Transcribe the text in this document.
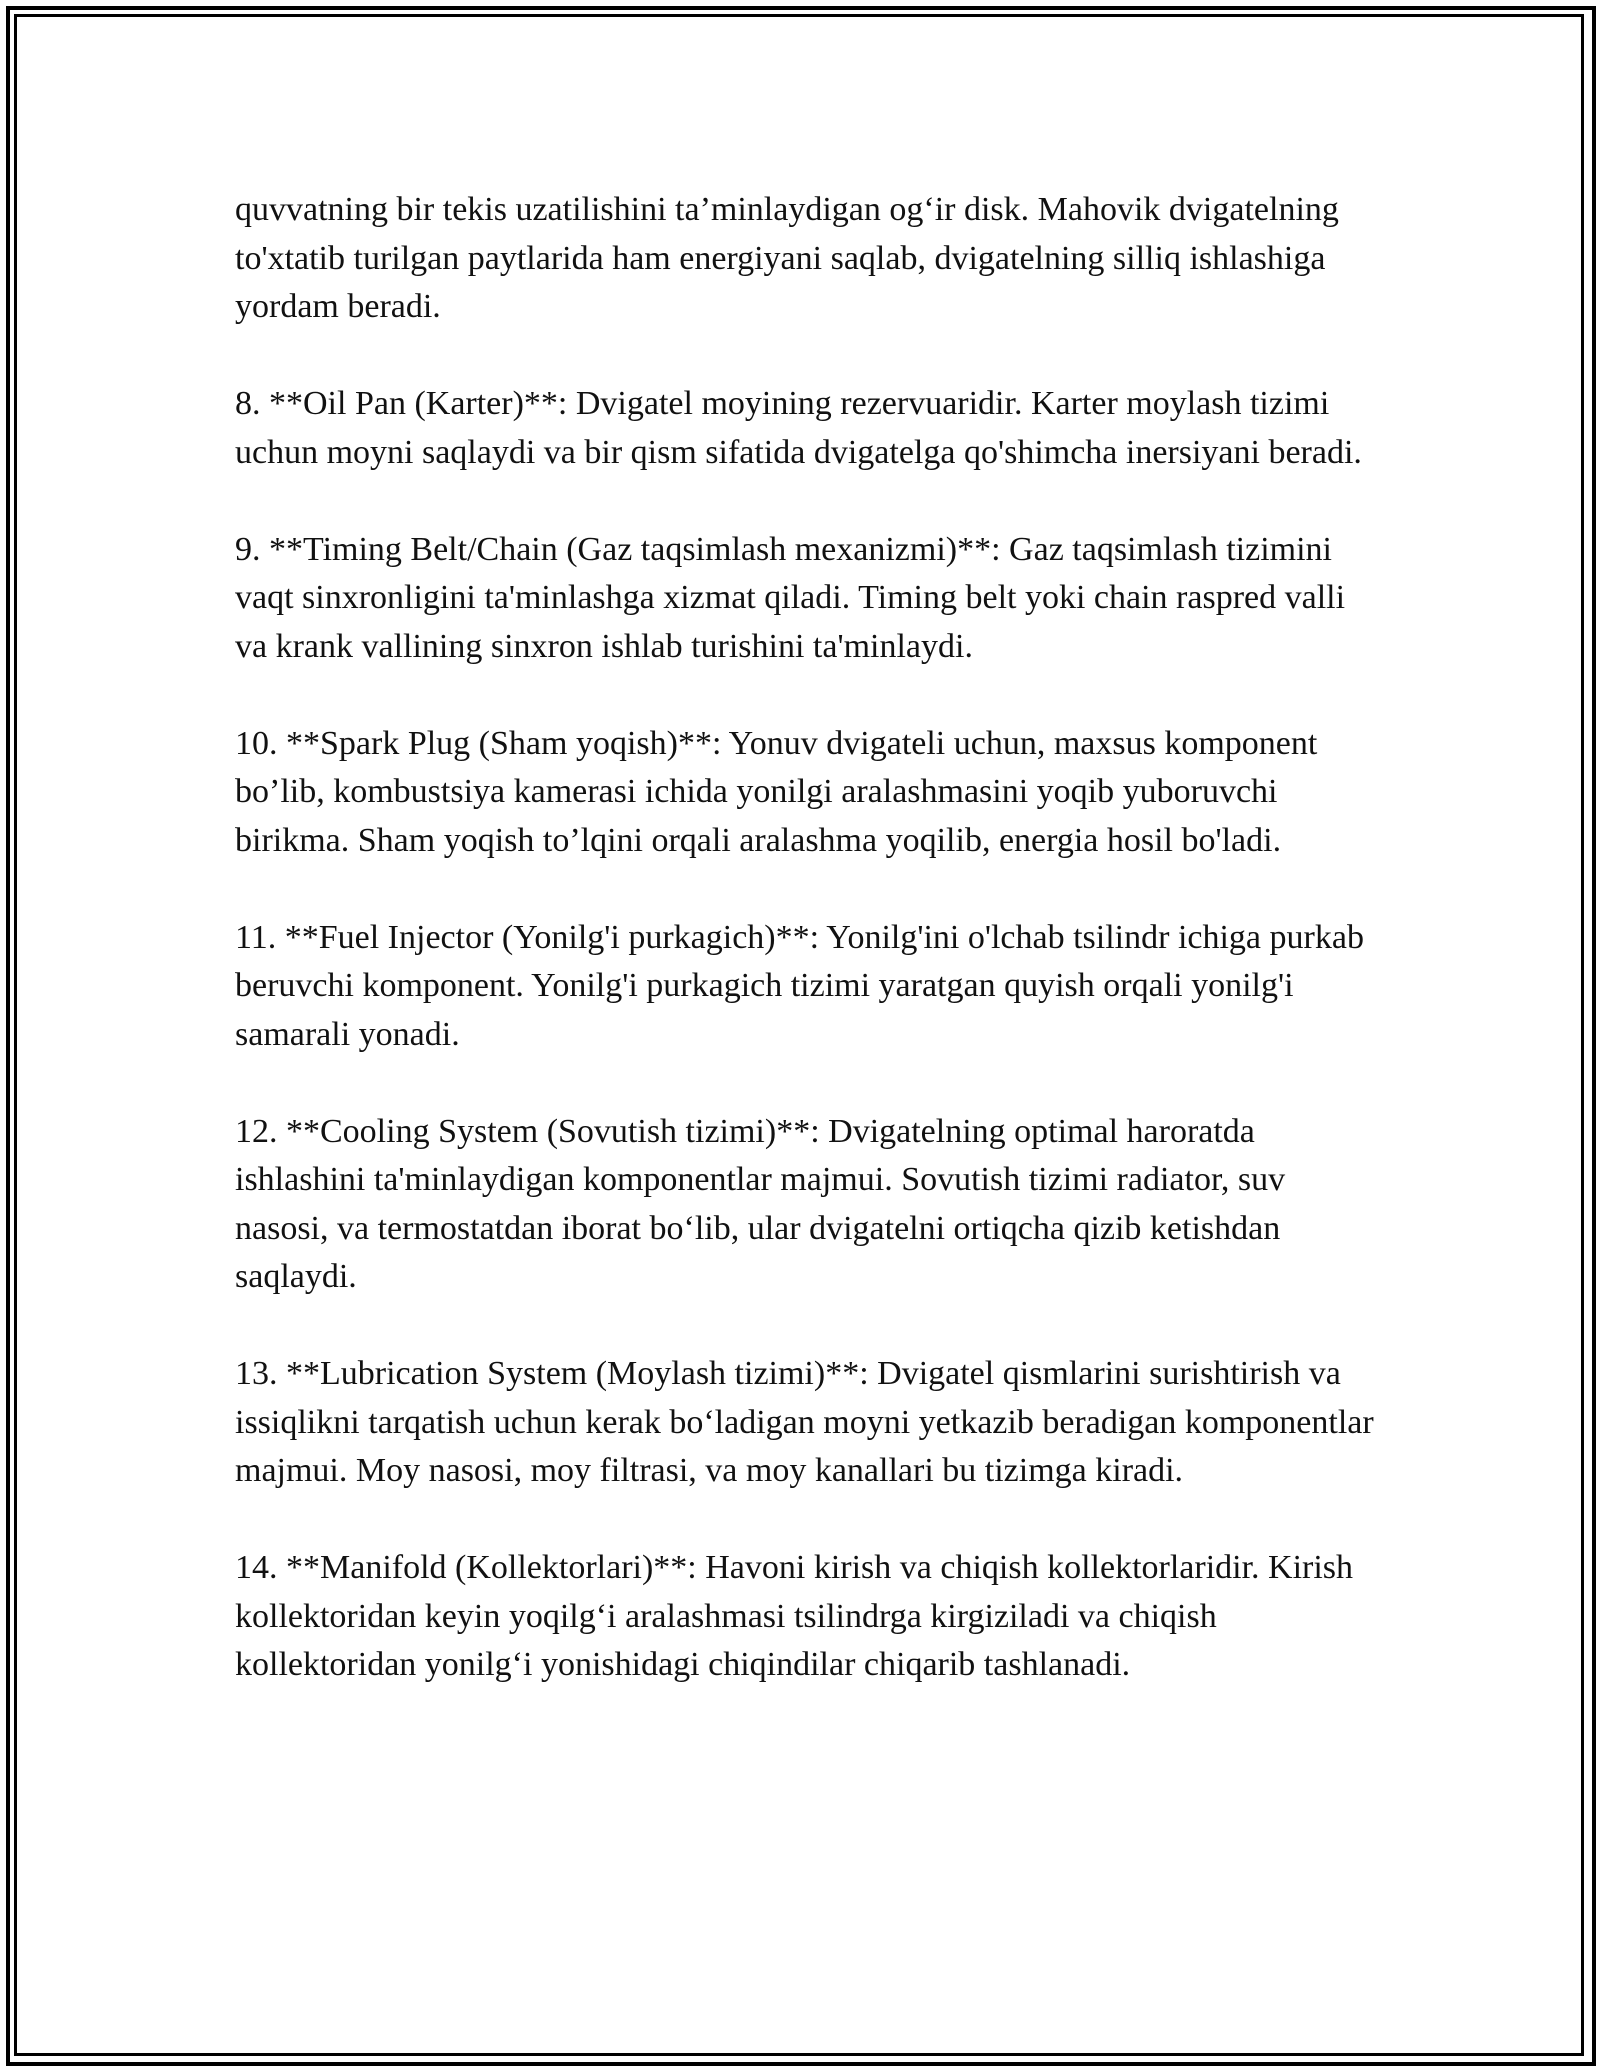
quvvatning bir tekis uzatilishini ta’minlaydigan og‘ir disk. Mahovik dvigatelning to'xtatib turilgan paytlarida ham energiyani saqlab, dvigatelning silliq ishlashiga yordam beradi.

8. **Oil Pan (Karter)**: Dvigatel moyining rezervuaridir. Karter moylash tizimi uchun moyni saqlaydi va bir qism sifatida dvigatelga qo'shimcha inersiyani beradi.

9. **Timing Belt/Chain (Gaz taqsimlash mexanizmi)**: Gaz taqsimlash tizimini vaqt sinxronligini ta'minlashga xizmat qiladi. Timing belt yoki chain raspred valli va krank vallining sinxron ishlab turishini ta'minlaydi.

10. **Spark Plug (Sham yoqish)**: Yonuv dvigateli uchun, maxsus komponent bo’lib, kombustsiya kamerasi ichida yonilgi aralashmasini yoqib yuboruvchi birikma. Sham yoqish to’lqini orqali aralashma yoqilib, energia hosil bo'ladi.

11. **Fuel Injector (Yonilg'i purkagich)**: Yonilg'ini o'lchab tsilindr ichiga purkab beruvchi komponent. Yonilg'i purkagich tizimi yaratgan quyish orqali yonilg'i samarali yonadi.

12. **Cooling System (Sovutish tizimi)**: Dvigatelning optimal haroratda ishlashini ta'minlaydigan komponentlar majmui. Sovutish tizimi radiator, suv nasosi, va termostatdan iborat bo‘lib, ular dvigatelni ortiqcha qizib ketishdan saqlaydi.

13. **Lubrication System (Moylash tizimi)**: Dvigatel qismlarini surishtirish va issiqlikni tarqatish uchun kerak bo‘ladigan moyni yetkazib beradigan komponentlar majmui. Moy nasosi, moy filtrasi, va moy kanallari bu tizimga kiradi.

14. **Manifold (Kollektorlari)**: Havoni kirish va chiqish kollektorlaridir. Kirish kollektoridan keyin yoqilg‘i aralashmasi tsilindrga kirgiziladi va chiqish kollektoridan yonilg‘i yonishidagi chiqindilar chiqarib tashlanadi.
